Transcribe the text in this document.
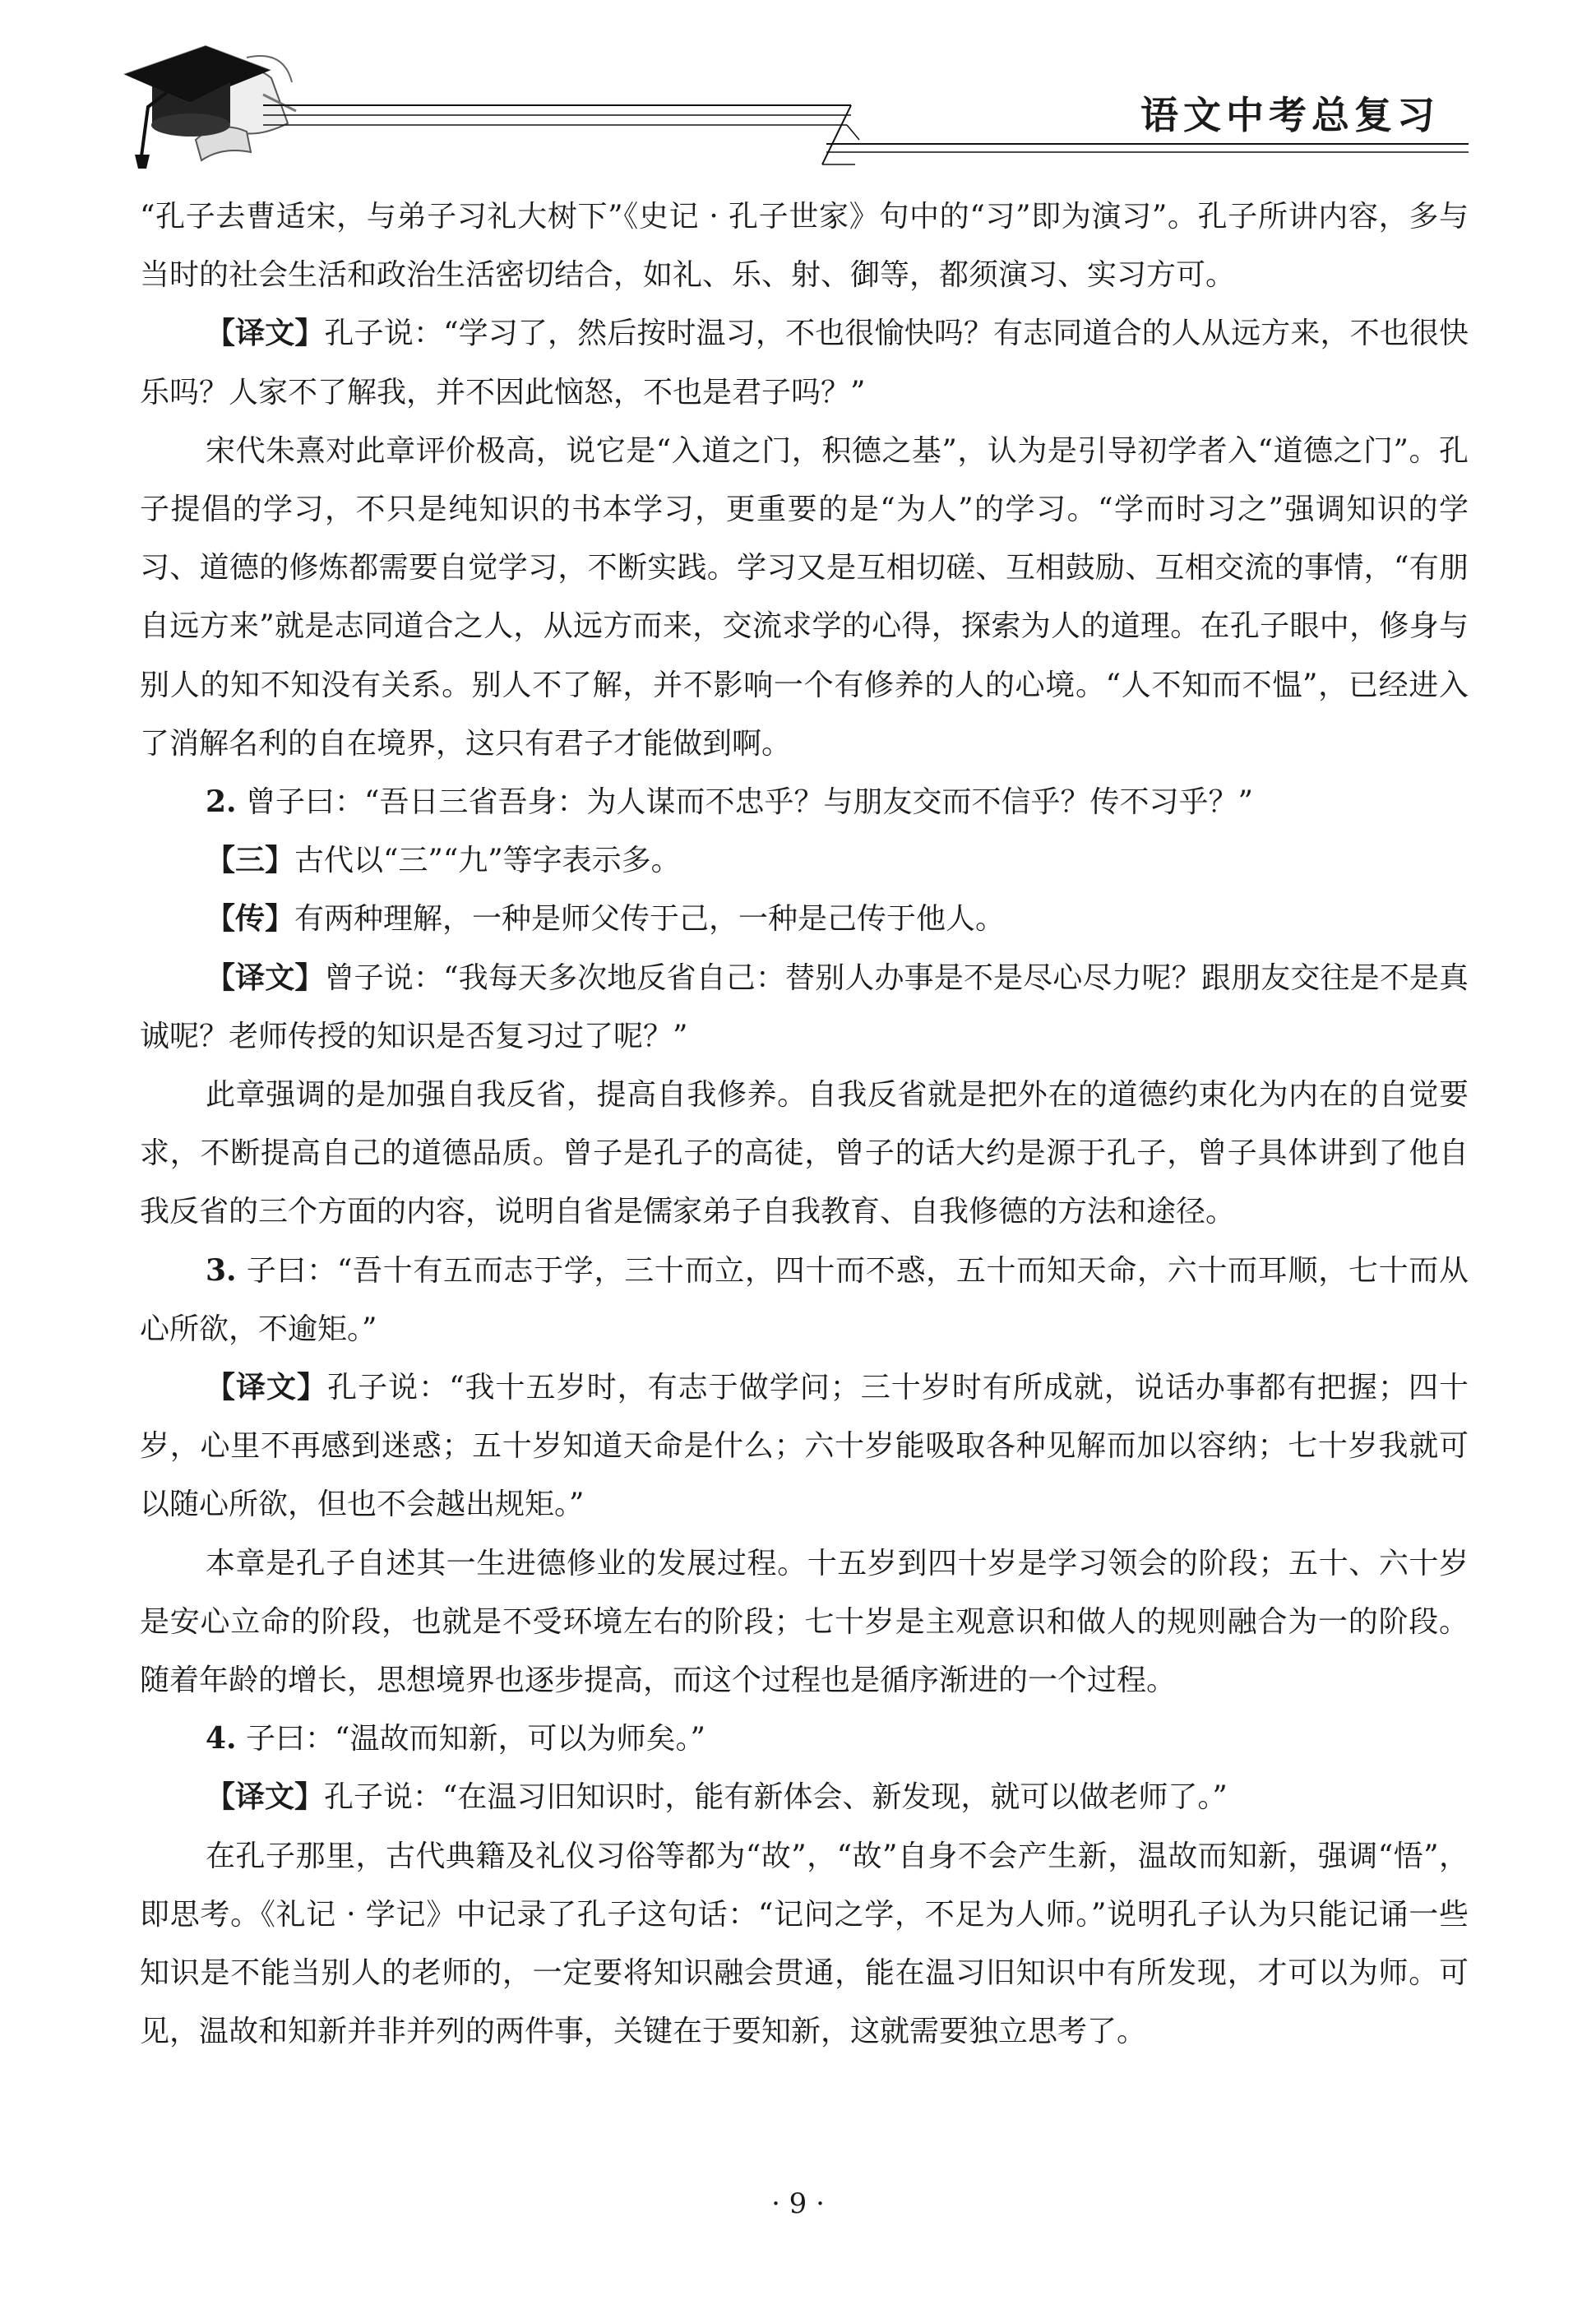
语文中考总复习

“孔子去曹适宋，与弟子习礼大树下”《史记 · 孔子世家》句中的“习”即为演习”。孔子所讲内容，多与当时的社会生活和政治生活密切结合，如礼、乐、射、御等，都须演习、实习方可。

【译文】孔子说：“学习了，然后按时温习，不也很愉快吗？有志同道合的人从远方来，不也很快乐吗？人家不了解我，并不因此恼怒，不也是君子吗？”

宋代朱熹对此章评价极高，说它是“入道之门，积德之基”，认为是引导初学者入“道德之门”。孔子提倡的学习，不只是纯知识的书本学习，更重要的是“为人”的学习。“学而时习之”强调知识的学习、道德的修炼都需要自觉学习，不断实践。学习又是互相切磋、互相鼓励、互相交流的事情，“有朋自远方来”就是志同道合之人，从远方而来，交流求学的心得，探索为人的道理。在孔子眼中，修身与别人的知不知没有关系。别人不了解，并不影响一个有修养的人的心境。“人不知而不愠”，已经进入了消解名利的自在境界，这只有君子才能做到啊。

2. 曾子曰：“吾日三省吾身：为人谋而不忠乎？与朋友交而不信乎？传不习乎？”

【三】古代以“三”“九”等字表示多。

【传】有两种理解，一种是师父传于己，一种是己传于他人。

【译文】曾子说：“我每天多次地反省自己：替别人办事是不是尽心尽力呢？跟朋友交往是不是真诚呢？老师传授的知识是否复习过了呢？”

此章强调的是加强自我反省，提高自我修养。自我反省就是把外在的道德约束化为内在的自觉要求，不断提高自己的道德品质。曾子是孔子的高徒，曾子的话大约是源于孔子，曾子具体讲到了他自我反省的三个方面的内容，说明自省是儒家弟子自我教育、自我修德的方法和途径。

3. 子曰：“吾十有五而志于学，三十而立，四十而不惑，五十而知天命，六十而耳顺，七十而从心所欲，不逾矩。”

【译文】孔子说：“我十五岁时，有志于做学问；三十岁时有所成就，说话办事都有把握；四十岁，心里不再感到迷惑；五十岁知道天命是什么；六十岁能吸取各种见解而加以容纳；七十岁我就可以随心所欲，但也不会越出规矩。”

本章是孔子自述其一生进德修业的发展过程。十五岁到四十岁是学习领会的阶段；五十、六十岁是安心立命的阶段，也就是不受环境左右的阶段；七十岁是主观意识和做人的规则融合为一的阶段。随着年龄的增长，思想境界也逐步提高，而这个过程也是循序渐进的一个过程。

4. 子曰：“温故而知新，可以为师矣。”

【译文】孔子说：“在温习旧知识时，能有新体会、新发现，就可以做老师了。”

在孔子那里，古代典籍及礼仪习俗等都为“故”，“故”自身不会产生新，温故而知新，强调“悟”，即思考。《礼记 · 学记》中记录了孔子这句话：“记问之学，不足为人师。”说明孔子认为只能记诵一些知识是不能当别人的老师的，一定要将知识融会贯通，能在温习旧知识中有所发现，才可以为师。可见，温故和知新并非并列的两件事，关键在于要知新，这就需要独立思考了。

· 9 ·
